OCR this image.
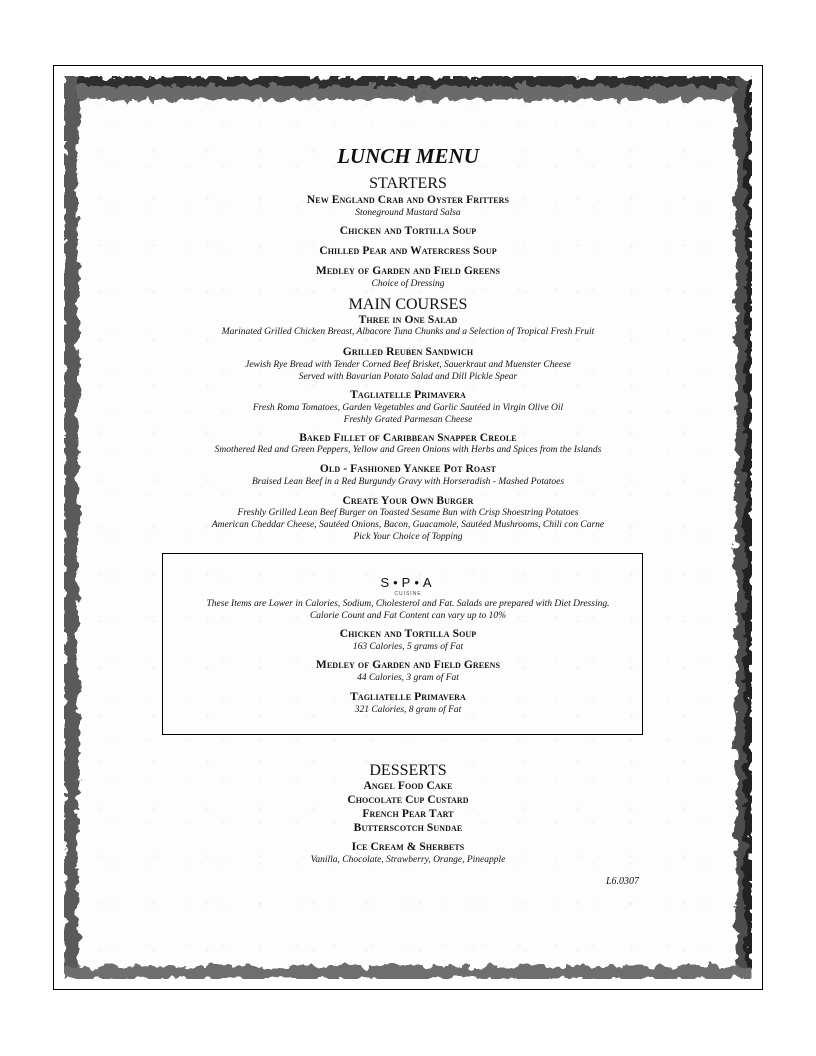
LUNCH MENU
STARTERS
New England Crab and Oyster Fritters
Stoneground Mustard Salsa
Chicken and Tortilla Soup
Chilled Pear and Watercress Soup
Medley of Garden and Field Greens
Choice of Dressing
MAIN COURSES
Three in One Salad
Marinated Grilled Chicken Breast, Albacore Tuna Chunks and a Selection of Tropical Fresh Fruit
Grilled Reuben Sandwich
Jewish Rye Bread with Tender Corned Beef Brisket, Sauerkraut and Muenster Cheese
Served with Bavarian Potato Salad and Dill Pickle Spear
Tagliatelle Primavera
Fresh Roma Tomatoes, Garden Vegetables and Garlic Sautéed in Virgin Olive Oil
Freshly Grated Parmesan Cheese
Baked Fillet of Caribbean Snapper Creole
Smothered Red and Green Peppers, Yellow and Green Onions with Herbs and Spices from the Islands
Old - Fashioned Yankee Pot Roast
Braised Lean Beef in a Red Burgundy Gravy with Horseradish - Mashed Potatoes
Create Your Own Burger
Freshly Grilled Lean Beef Burger on Toasted Sesame Bun with Crisp Shoestring Potatoes
American Cheddar Cheese, Sautéed Onions, Bacon, Guacamole, Sautéed Mushrooms, Chili con Carne
Pick Your Choice of Topping
S•P•A
CUISINE
These Items are Lower in Calories, Sodium, Cholesterol and Fat. Salads are prepared with Diet Dressing.
Calorie Count and Fat Content can vary up to 10%
Chicken and Tortilla Soup
163 Calories, 5 grams of Fat
Medley of Garden and Field Greens
44 Calories, 3 gram of Fat
Tagliatelle Primavera
321 Calories, 8 gram of Fat
DESSERTS
Angel Food Cake
Chocolate Cup Custard
French Pear Tart
Butterscotch Sundae
Ice Cream & Sherbets
Vanilla, Chocolate, Strawberry, Orange, Pineapple
L6.0307
